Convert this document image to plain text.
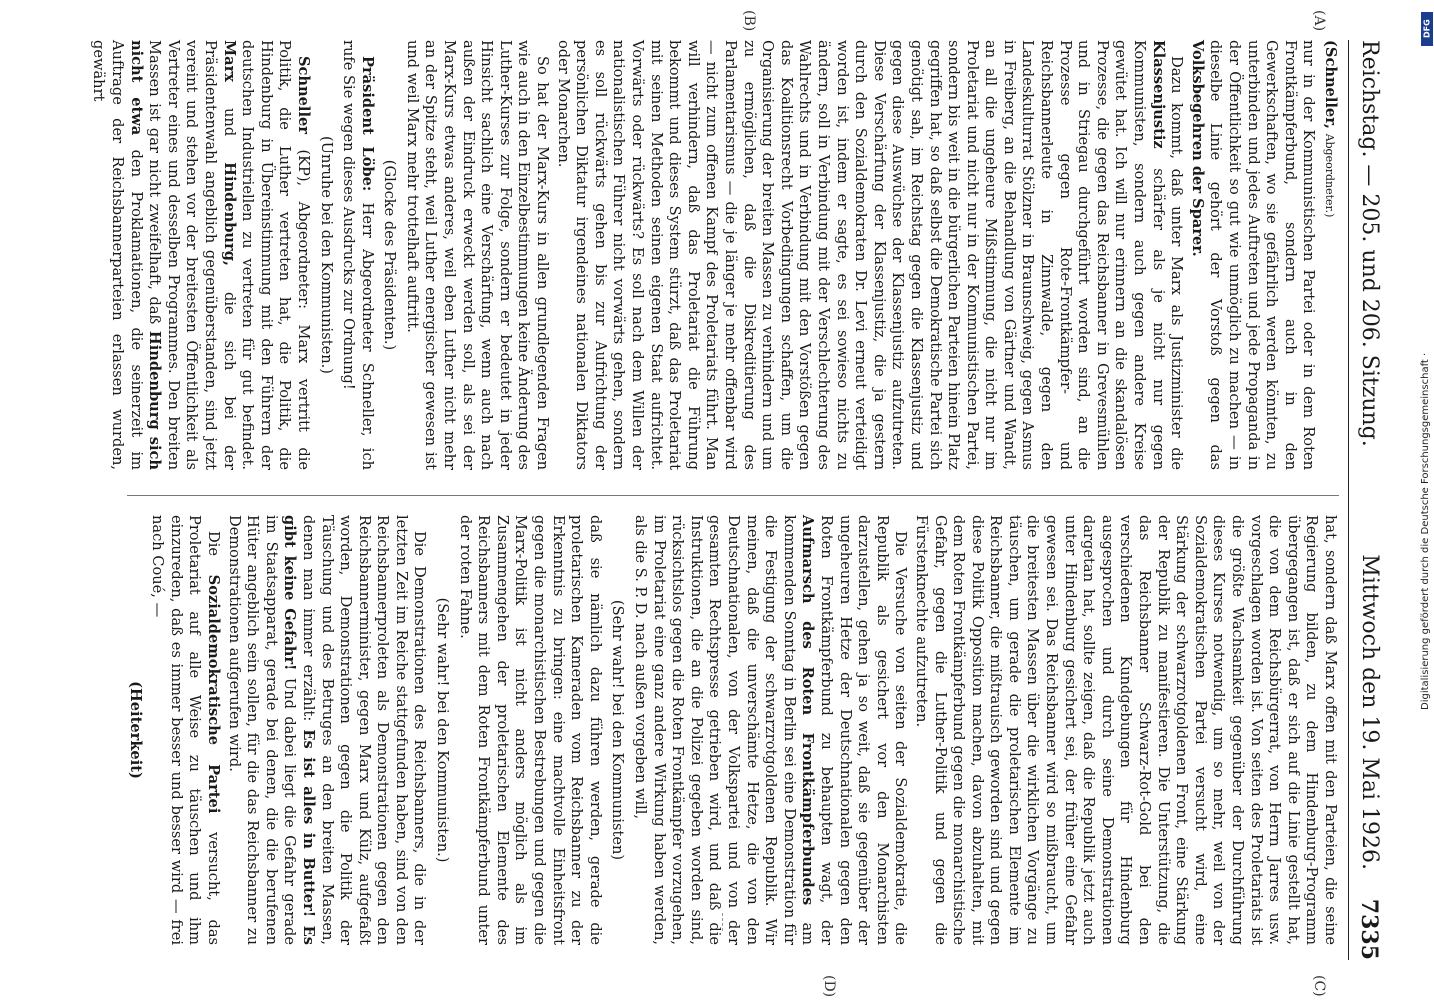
Reichstag. — 205. und 206. Sitzung.
Mittwoch den 19. Mai 1926.
7335
(A)
(B)
(C)
(D)

(Schneller, Abgeordneter.)

nur in der Kommunistischen Partei oder in dem Roten Frontkämpferbund, sondern auch in den Gewerkschaften, wo sie gefährlich werden könnten, zu unterbinden und jedes Auftreten und jede Propaganda in der Öffentlichkeit so gut wie unmöglich zu machen — in dieselbe Linie gehört der Vorstoß gegen das Volksbegehren der Sparer.

Dazu kommt, daß unter Marx als Justizminister die Klassenjustiz schärfer als je nicht nur gegen Kommunisten, sondern auch gegen andere Kreise gewütet hat. Ich will nur erinnern an die skandalösen Prozesse, die gegen das Reichsbanner in Grevesmühlen und in Striegau durchgeführt worden sind, an die Prozesse gegen Rote-Frontkämpfer- und Reichsbannerleute in Zinnwalde, gegen den Landeskulturrat Stölzner in Braunschweig, gegen Asmus in Freiberg, an die Behandlung von Gärtner und Wandt, an all die ungeheure Mißstimmung, die nicht nur im Proletariat und nicht nur in der Kommunistischen Partei, sondern bis weit in die bürgerlichen Parteien hinein Platz gegriffen hat, so daß selbst die Demokratische Partei sich genötigt sah, im Reichstag gegen die Klassenjustiz und gegen diese Auswüchse der Klassenjustiz aufzutreten. Diese Verschärfung der Klassenjustiz, die ja gestern durch den Sozialdemokraten Dr. Levi erneut verteidigt worden ist, indem er sagte, es sei sowieso nichts zu ändern, soll in Verbindung mit der Verschlechterung des Wahlrechts und in Verbindung mit den Vorstößen gegen das Koalitionsrecht Vorbedingungen schaffen, um die Organisierung der breiten Massen zu verhindern und um zu ermöglichen, daß die Diskreditierung des Parlamentarismus — die je länger je mehr offenbar wird — nicht zum offenen Kampf des Proletariats führt. Man will verhindern, daß das Proletariat die Führung bekommt und dieses System stürzt, daß das Proletariat mit seinen Methoden seinen eigenen Staat aufrichtet. Vorwärts oder rückwärts? Es soll nach dem Willen der nationalistischen Führer nicht vorwärts gehen, sondern es soll rückwärts gehen bis zur Aufrichtung der persönlichen Diktatur irgendeines nationalen Diktators oder Monarchen.

So hat der Marx-Kurs in allen grundlegenden Fragen wie auch in den Einzelbestimmungen keine Änderung des Luther-Kurses zur Folge, sondern er bedeutet in jeder Hinsicht sachlich eine Verschärfung, wenn auch nach außen der Eindruck erweckt werden soll, als sei der Marx-Kurs etwas anderes, weil eben Luther nicht mehr an der Spitze steht, weil Luther energischer gewesen ist und weil Marx mehr trottelhaft auftritt.

(Glocke des Präsidenten.)

Präsident Löbe: Herr Abgeordneter Schneller, ich rufe Sie wegen dieses Ausdrucks zur Ordnung!

(Unruhe bei den Kommunisten.)

Schneller (KP), Abgeordneter: Marx vertritt die Politik, die Luther vertreten hat, die Politik, die Hindenburg in Übereinstimmung mit den Führern der deutschen Industriellen zu vertreten für gut befindet. Marx und Hindenburg, die sich bei der Präsidentenwahl angeblich gegenüberstanden, sind jetzt vereint und stehen vor der breitesten Öffentlichkeit als Vertreter eines und desselben Programmes. Den breiten Massen ist gar nicht zweifelhaft, daß Hindenburg sich nicht etwa den Proklamationen, die seinerzeit im Auftrage der Reichsbannerparteien erlassen wurden, gewährt

hat, sondern daß Marx offen mit den Parteien, die seine Regierung bilden, zu dem Hindenburg-Programm übergegangen ist, daß er sich auf die Linie gestellt hat, die von dem Reichsbürgerrat, von Herrn Jarres usw. vorgeschlagen worden ist. Von seiten des Proletariats ist die größte Wachsamkeit gegenüber der Durchführung dieses Kurses notwendig, um so mehr, weil von der Sozialdemokratischen Partei versucht wird, eine Stärkung der schwarzrotgoldenen Front, eine Stärkung der Republik zu manifestieren. Die Unterstützung, die das Reichsbanner Schwarz-Rot-Gold bei den verschiedenen Kundgebungen für Hindenburg ausgesprochen und durch seine Demonstrationen dargetan hat, sollte zeigen, daß die Republik jetzt auch unter Hindenburg gesichert sei, der früher eine Gefahr gewesen sei. Das Reichsbanner wird so mißbraucht, um die breitesten Massen über die wirklichen Vorgänge zu täuschen, um gerade die proletarischen Elemente im Reichsbanner, die mißtrauisch geworden sind und gegen diese Politik Opposition machen, davon abzuhalten, mit dem Roten Frontkämpferbund gegen die monarchistische Gefahr, gegen die Luther-Politik und gegen die Fürstenknechte aufzutreten.

Die Versuche von seiten der Sozialdemokratie, die Republik als gesichert vor den Monarchisten darzustellen, gehen ja so weit, daß sie gegenüber der ungeheuren Hetze der Deutschnationalen gegen den Roten Frontkämpferbund zu behaupten wagt, der Aufmarsch des Roten Frontkämpferbundes am kommenden Sonntag in Berlin sei eine Demonstration für die Festigung der schwarzrotgoldenen Republik. Wir meinen, daß die unverschämte Hetze, die von den Deutschnationalen, von der Volkspartei und von der gesamten Rechtspresse getrieben wird, und daß die Instruktionen, die an die Polizei gegeben worden sind, rücksichtslos gegen die Roten Frontkämpfer vorzugehen, im Proletariat eine ganz andere Wirkung haben werden, als die S. P. D. nach außen vorgeben will,

(Sehr wahr! bei den Kommunisten)

daß sie nämlich dazu führen werden, gerade die proletarischen Kameraden vom Reichsbanner zu der Erkenntnis zu bringen: eine machtvolle Einheitsfront gegen die monarchistischen Bestrebungen und gegen die Marx-Politik ist nicht anders möglich als im Zusammengehen der proletarischen Elemente des Reichsbanners mit dem Roten Frontkämpferbund unter der roten Fahne.

(Sehr wahr! bei den Kommunisten.)

Die Demonstrationen des Reichsbanners, die in der letzten Zeit im Reiche stattgefunden haben, sind von den Reichsbannerproleten als Demonstrationen gegen den Reichsbannerminister, gegen Marx und Külz, aufgefaßt worden, Demonstrationen gegen die Politik der Täuschung und des Betruges an den breiten Massen, denen man immer erzählt: Es ist alles in Butter! Es gibt keine Gefahr! Und dabei liegt die Gefahr gerade im Staatsapparat, gerade bei denen, die die berufenen Hüter angeblich sein sollen, für die das Reichsbanner zu Demonstrationen aufgerufen wird.

Die Sozialdemokratische Partei versucht, das Proletariat auf alle Weise zu täuschen und ihm einzureden, daß es immer besser und besser wird — frei nach Coué, —

(Heiterkeit)

DFG
Digitalisierung gefördert durch die Deutsche Forschungsgemeinschaft ·
